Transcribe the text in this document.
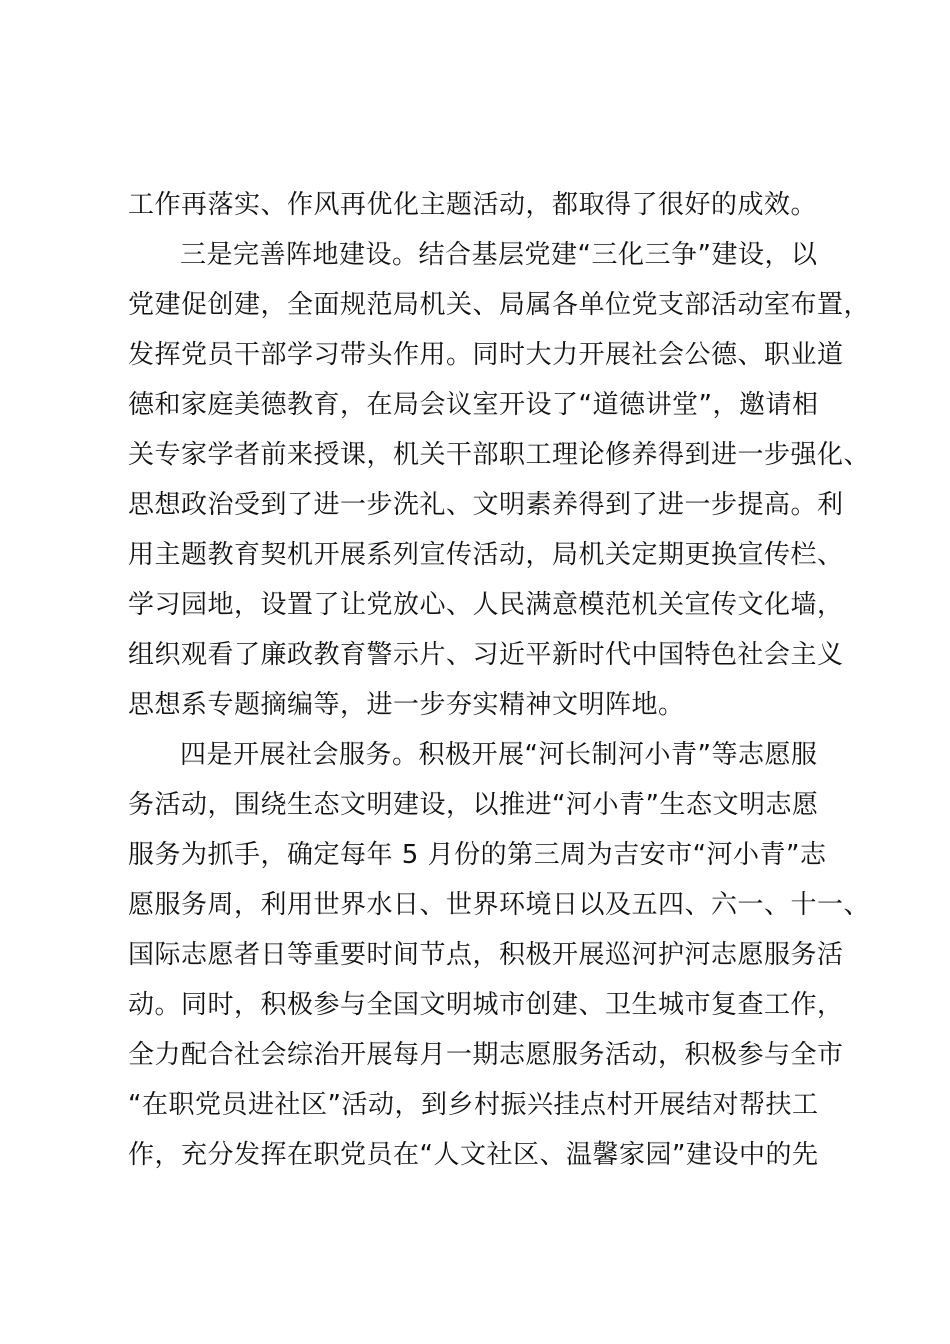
工作再落实、作风再优化主题活动，都取得了很好的成效。
三是完善阵地建设。结合基层党建“三化三争”建设，以
党建促创建，全面规范局机关、局属各单位党支部活动室布置，
发挥党员干部学习带头作用。同时大力开展社会公德、职业道
德和家庭美德教育，在局会议室开设了“道德讲堂”，邀请相
关专家学者前来授课，机关干部职工理论修养得到进一步强化、
思想政治受到了进一步洗礼、文明素养得到了进一步提高。利
用主题教育契机开展系列宣传活动，局机关定期更换宣传栏、
学习园地，设置了让党放心、人民满意模范机关宣传文化墙，
组织观看了廉政教育警示片、习近平新时代中国特色社会主义
思想系专题摘编等，进一步夯实精神文明阵地。
四是开展社会服务。积极开展“河长制河小青”等志愿服
务活动，围绕生态文明建设，以推进“河小青”生态文明志愿
服务为抓手，确定每年 5 月份的第三周为吉安市“河小青”志
愿服务周，利用世界水日、世界环境日以及五四、六一、十一、
国际志愿者日等重要时间节点，积极开展巡河护河志愿服务活
动。同时，积极参与全国文明城市创建、卫生城市复查工作，
全力配合社会综治开展每月一期志愿服务活动，积极参与全市
“在职党员进社区”活动，到乡村振兴挂点村开展结对帮扶工
作，充分发挥在职党员在“人文社区、温馨家园”建设中的先
